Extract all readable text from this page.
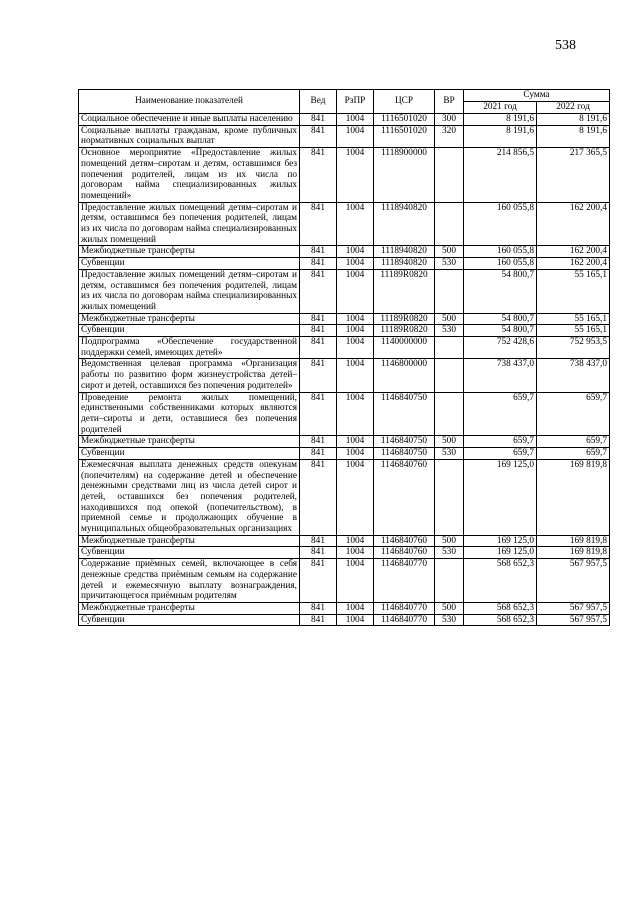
538
Наименование показателей	Вед	РзПР	ЦСР	ВР	Сумма	
					2021 год	2022 год
Социальное обеспечение и иные выплаты населению	841	1004	1116501020	300	8 191,6	8 191,6
Социальные выплаты гражданам, кроме публичных нормативных социальных выплат	841	1004	1116501020	320	8 191,6	8 191,6
Основное мероприятие «Предоставление жилых помещений детям–сиротам и детям, оставшимся без попечения родителей, лицам из их числа по договорам найма специализированных жилых помещений»	841	1004	1118900000		214 856,5	217 365,5
Предоставление жилых помещений детям–сиротам и детям, оставшимся без попечения родителей, лицам из их числа по договорам найма специализированных жилых помещений	841	1004	1118940820		160 055,8	162 200,4
Межбюджетные трансферты	841	1004	1118940820	500	160 055,8	162 200,4
Субвенции	841	1004	1118940820	530	160 055,8	162 200,4
Предоставление жилых помещений детям–сиротам и детям, оставшимся без попечения родителей, лицам из их числа по договорам найма специализированных жилых помещений	841	1004	11189R0820		54 800,7	55 165,1
Межбюджетные трансферты	841	1004	11189R0820	500	54 800,7	55 165,1
Субвенции	841	1004	11189R0820	530	54 800,7	55 165,1
Подпрограмма «Обеспечение государственной поддержки семей, имеющих детей»	841	1004	1140000000		752 428,6	752 953,5
Ведомственная целевая программа «Организация работы по развитию форм жизнеустройства детей–сирот и детей, оставшихся без попечения родителей»	841	1004	1146800000		738 437,0	738 437,0
Проведение ремонта жилых помещений, единственными собственниками которых являются дети–сироты и дети, оставшиеся без попечения родителей	841	1004	1146840750		659,7	659,7
Межбюджетные трансферты	841	1004	1146840750	500	659,7	659,7
Субвенции	841	1004	1146840750	530	659,7	659,7
Ежемесячная выплата денежных средств опекунам (попечителям) на содержание детей и обеспечение денежными средствами лиц из числа детей сирот и детей, оставшихся без попечения родителей, находившихся под опекой (попечительством), в приемной семье и продолжающих обучение в муниципальных общеобразовательных организациях	841	1004	1146840760		169 125,0	169 819,8
Межбюджетные трансферты	841	1004	1146840760	500	169 125,0	169 819,8
Субвенции	841	1004	1146840760	530	169 125,0	169 819,8
Содержание приёмных семей, включающее в себя денежные средства приёмным семьям на содержание детей и ежемесячную выплату вознаграждения, причитающегося приёмным родителям	841	1004	1146840770		568 652,3	567 957,5
Межбюджетные трансферты	841	1004	1146840770	500	568 652,3	567 957,5
Субвенции	841	1004	1146840770	530	568 652,3	567 957,5
